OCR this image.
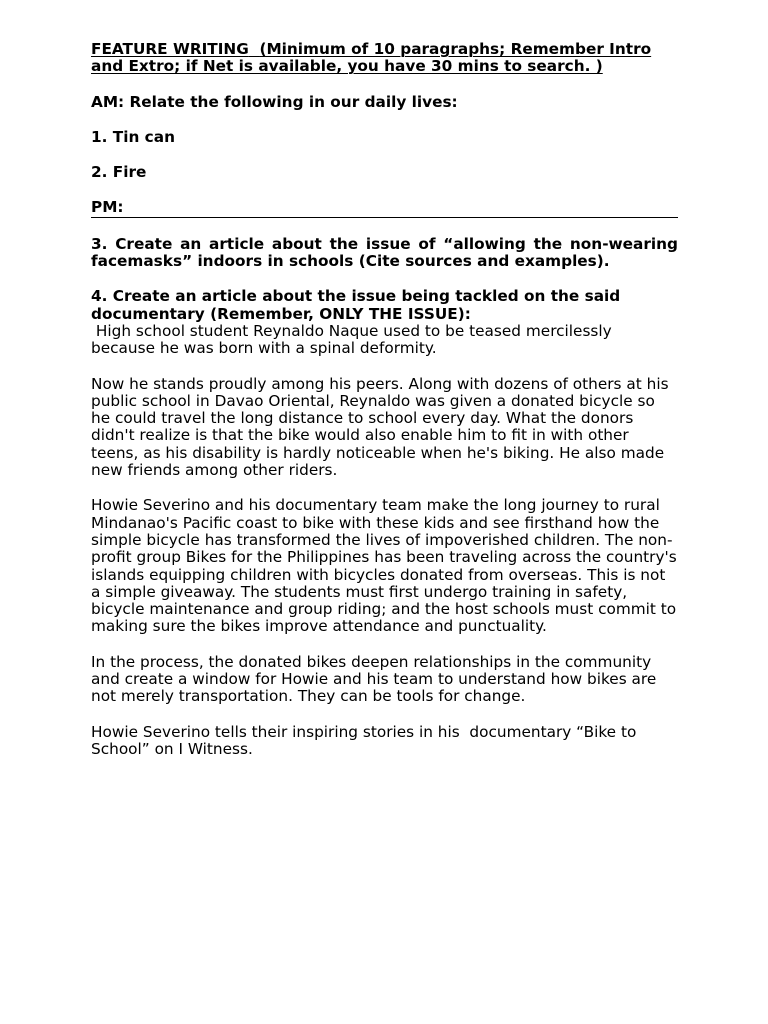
FEATURE WRITING (Minimum of 10 paragraphs; Remember Intro and Extro; if Net is available, you have 30 mins to search. )

AM: Relate the following in our daily lives:

1. Tin can

2. Fire

PM:

3. Create an article about the issue of “allowing the non-wearing facemasks” indoors in schools (Cite sources and examples).

4. Create an article about the issue being tackled on the said documentary (Remember, ONLY THE ISSUE):

High school student Reynaldo Naque used to be teased mercilessly because he was born with a spinal deformity.

Now he stands proudly among his peers. Along with dozens of others at his public school in Davao Oriental, Reynaldo was given a donated bicycle so he could travel the long distance to school every day. What the donors didn't realize is that the bike would also enable him to fit in with other teens, as his disability is hardly noticeable when he's biking. He also made new friends among other riders.

Howie Severino and his documentary team make the long journey to rural Mindanao's Pacific coast to bike with these kids and see firsthand how the simple bicycle has transformed the lives of impoverished children. The non-profit group Bikes for the Philippines has been traveling across the country's islands equipping children with bicycles donated from overseas. This is not a simple giveaway. The students must first undergo training in safety, bicycle maintenance and group riding; and the host schools must commit to making sure the bikes improve attendance and punctuality.

In the process, the donated bikes deepen relationships in the community and create a window for Howie and his team to understand how bikes are not merely transportation. They can be tools for change.

Howie Severino tells their inspiring stories in his  documentary “Bike to School” on I Witness.
